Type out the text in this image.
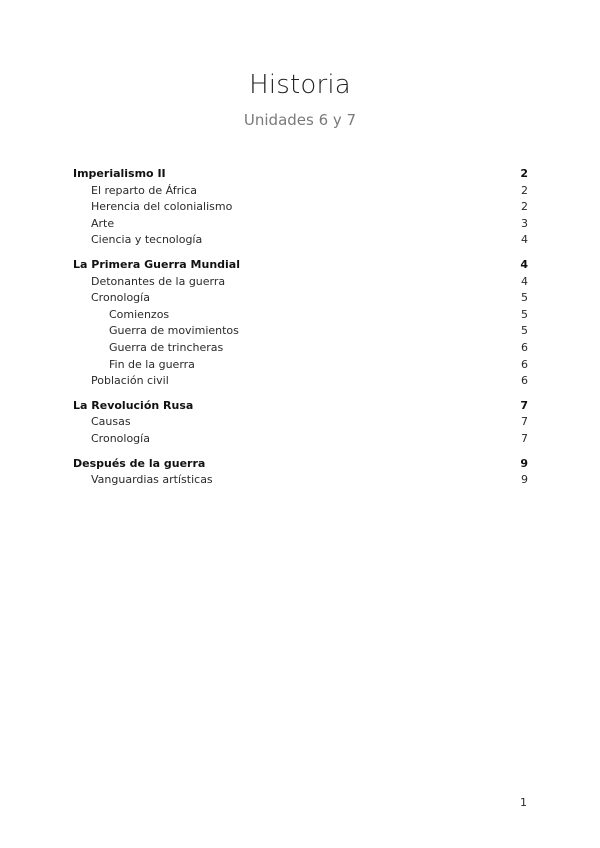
Historia
Unidades 6 y 7
Imperialismo II	2
El reparto de África	2
Herencia del colonialismo	2
Arte	3
Ciencia y tecnología	4
La Primera Guerra Mundial	4
Detonantes de la guerra	4
Cronología	5
Comienzos	5
Guerra de movimientos	5
Guerra de trincheras	6
Fin de la guerra	6
Población civil	6
La Revolución Rusa	7
Causas	7
Cronología	7
Después de la guerra	9
Vanguardias artísticas	9
1
